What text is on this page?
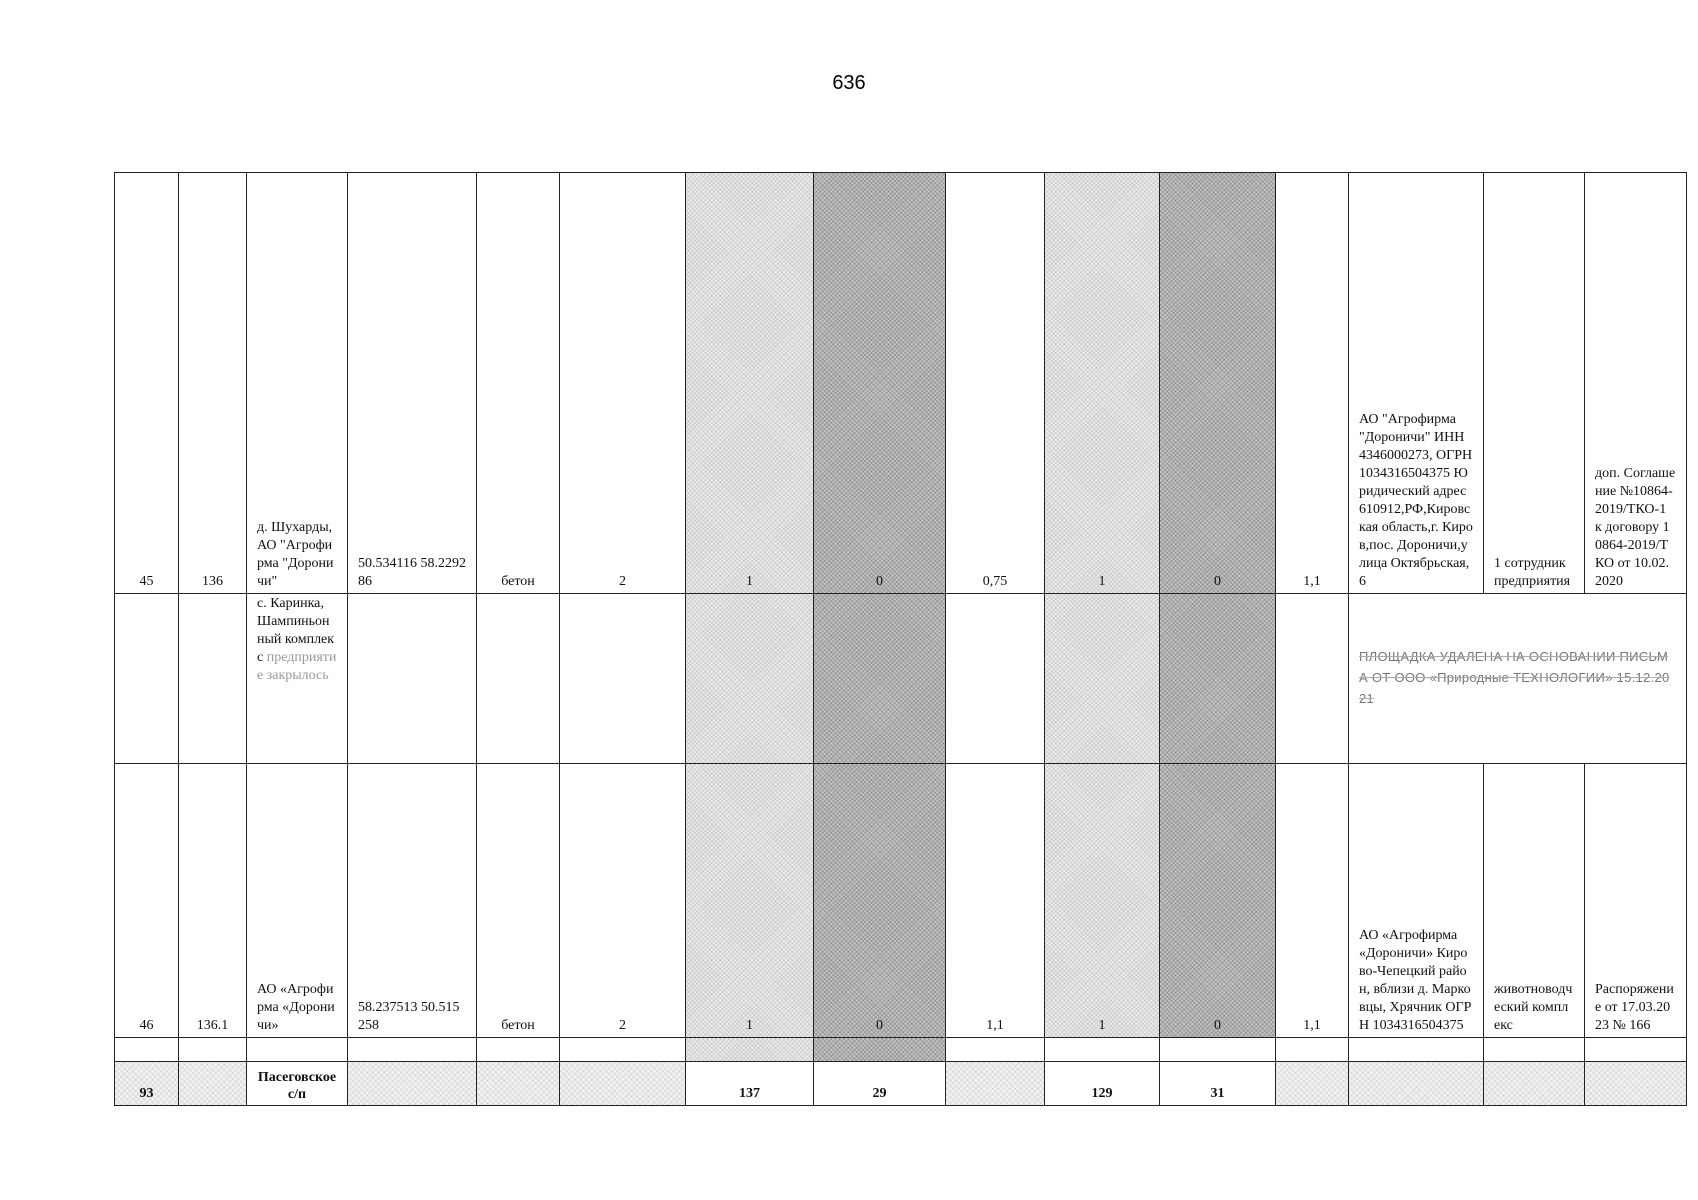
636
45	136	д. Шухарды, АО "Агрофирма "Дороничи"	50.534116 58.229286	бетон	2	1	0	0,75	1	0	1,1	АО "Агрофирма "Дороничи" ИНН 4346000273, ОГРН 1034316504375 Юридический адрес 610912,РФ,Кировская область,г. Киров,пос. Дороничи,улица Октябрьская,6	1 сотрудник предприятия	доп. Соглашение №10864-2019/ТКО-1 к договору 10864-2019/ТКО от 10.02.2020
		с. Каринка, Шампиньонный комплекс предприятие закрылось										ПЛОЩАДКА УДАЛЕНА НА ОСНОВАНИИ ПИСЬМА ОТ ООО «Природные ТЕХНОЛОГИИ» 15.12.2021		
46	136.1	АО «Агрофирма «Дороничи»	58.237513 50.515258	бетон	2	1	0	1,1	1	0	1,1	АО «Агрофирма «Дороничи» Кирово-Чепецкий район, вблизи д. Марковцы, Хрячник ОГРН 1034316504375	животноводческий комплекс	Распоряжение от 17.03.2023 № 166

93		Пасеговское с/п				137	29		129	31				
